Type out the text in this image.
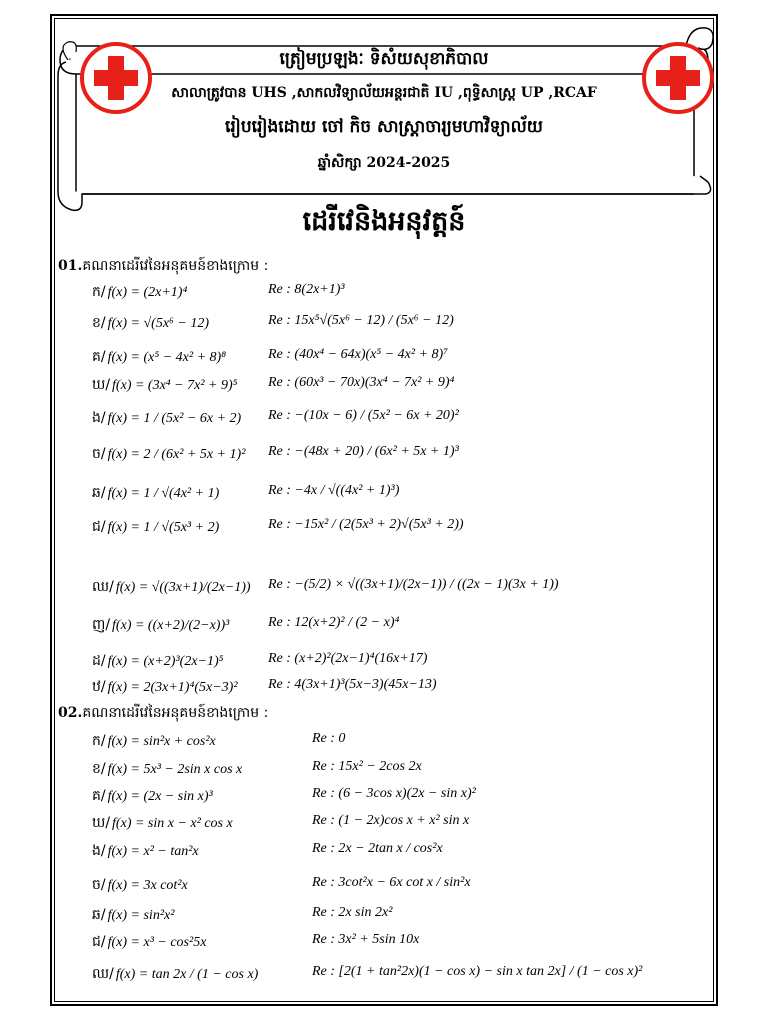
ត្រៀមប្រឡងៈ ទិសំយសុខាភិបាល
សាលាត្រូវបាន UHS ,សាកលវិទ្យាល័យអន្តរជាតិ IU ,ពុទ្ធិសាស្ត្រ UP ,RCAF
រៀបរៀងដោយ ចៅ កិច សាស្ត្រាចារ្យមហាវិទ្យាល័យ
ឆ្នាំសិក្សា 2024-2025
ដេរីវេនិងអនុវត្តន៍
01.គណនាដេរីវេនៃអនុគមន៍ខាងក្រោម :
ក/ f(x) = (2x+1)⁴	Re : 8(2x+1)³
ខ/ f(x) = √(5x⁶ − 12)	Re : 15x⁵√(5x⁶ − 12) / (5x⁶ − 12)
គ/ f(x) = (x⁵ − 4x² + 8)⁸	Re : (40x⁴ − 64x)(x⁵ − 4x² + 8)⁷
ឃ/ f(x) = (3x⁴ − 7x² + 9)⁵ Re : (60x³ − 70x)(3x⁴ − 7x² + 9)⁴
ង/ f(x) = 1 / (5x² − 6x + 2) Re : −(10x − 6) / (5x² − 6x + 20)²
ច/ f(x) = 2 / (6x² + 5x + 1)² Re : −(48x + 20) / (6x² + 5x + 1)³
ឆ/ f(x) = 1 / √(4x² + 1)	Re : −4x / √((4x² + 1)³)
ជ/ f(x) = 1 / √(5x³ + 2)	Re : −15x² / (2(5x³ + 2)√(5x³ + 2))
ឈ/ f(x) = √((3x+1)/(2x−1)) Re : −(5/2) × √((3x+1)/(2x−1)) / ((2x − 1)(3x + 1))
ញ/ f(x) = ((x+2)/(2−x))³	Re : 12(x+2)² / (2 − x)⁴
ដ/ f(x) = (x+2)³(2x−1)⁵	Re : (x+2)²(2x−1)⁴(16x+17)
ឋ/ f(x) = 2(3x+1)⁴(5x−3)² Re : 4(3x+1)³(5x−3)(45x−13)
02.គណនាដេរីវេនៃអនុគមន៍ខាងក្រោម :
ក/ f(x) = sin²x + cos²x	Re : 0
ខ/ f(x) = 5x³ − 2sin x cos x	Re : 15x² − 2cos 2x
គ/ f(x) = (2x − sin x)³	Re : (6 − 3cos x)(2x − sin x)²
ឃ/ f(x) = sin x − x² cos x	Re : (1 − 2x)cos x + x² sin x
ង/ f(x) = x² − tan²x	Re : 2x − 2tan x / cos²x
ច/ f(x) = 3x cot²x	Re : 3cot²x − 6x cot x / sin²x
ឆ/ f(x) = sin²x²	Re : 2x sin 2x²
ជ/ f(x) = x³ − cos²5x	Re : 3x² + 5sin 10x
ឈ/ f(x) = tan 2x / (1 − cos x)	Re : [2(1 + tan²2x)(1 − cos x) − sin x tan 2x] / (1 − cos x)²
